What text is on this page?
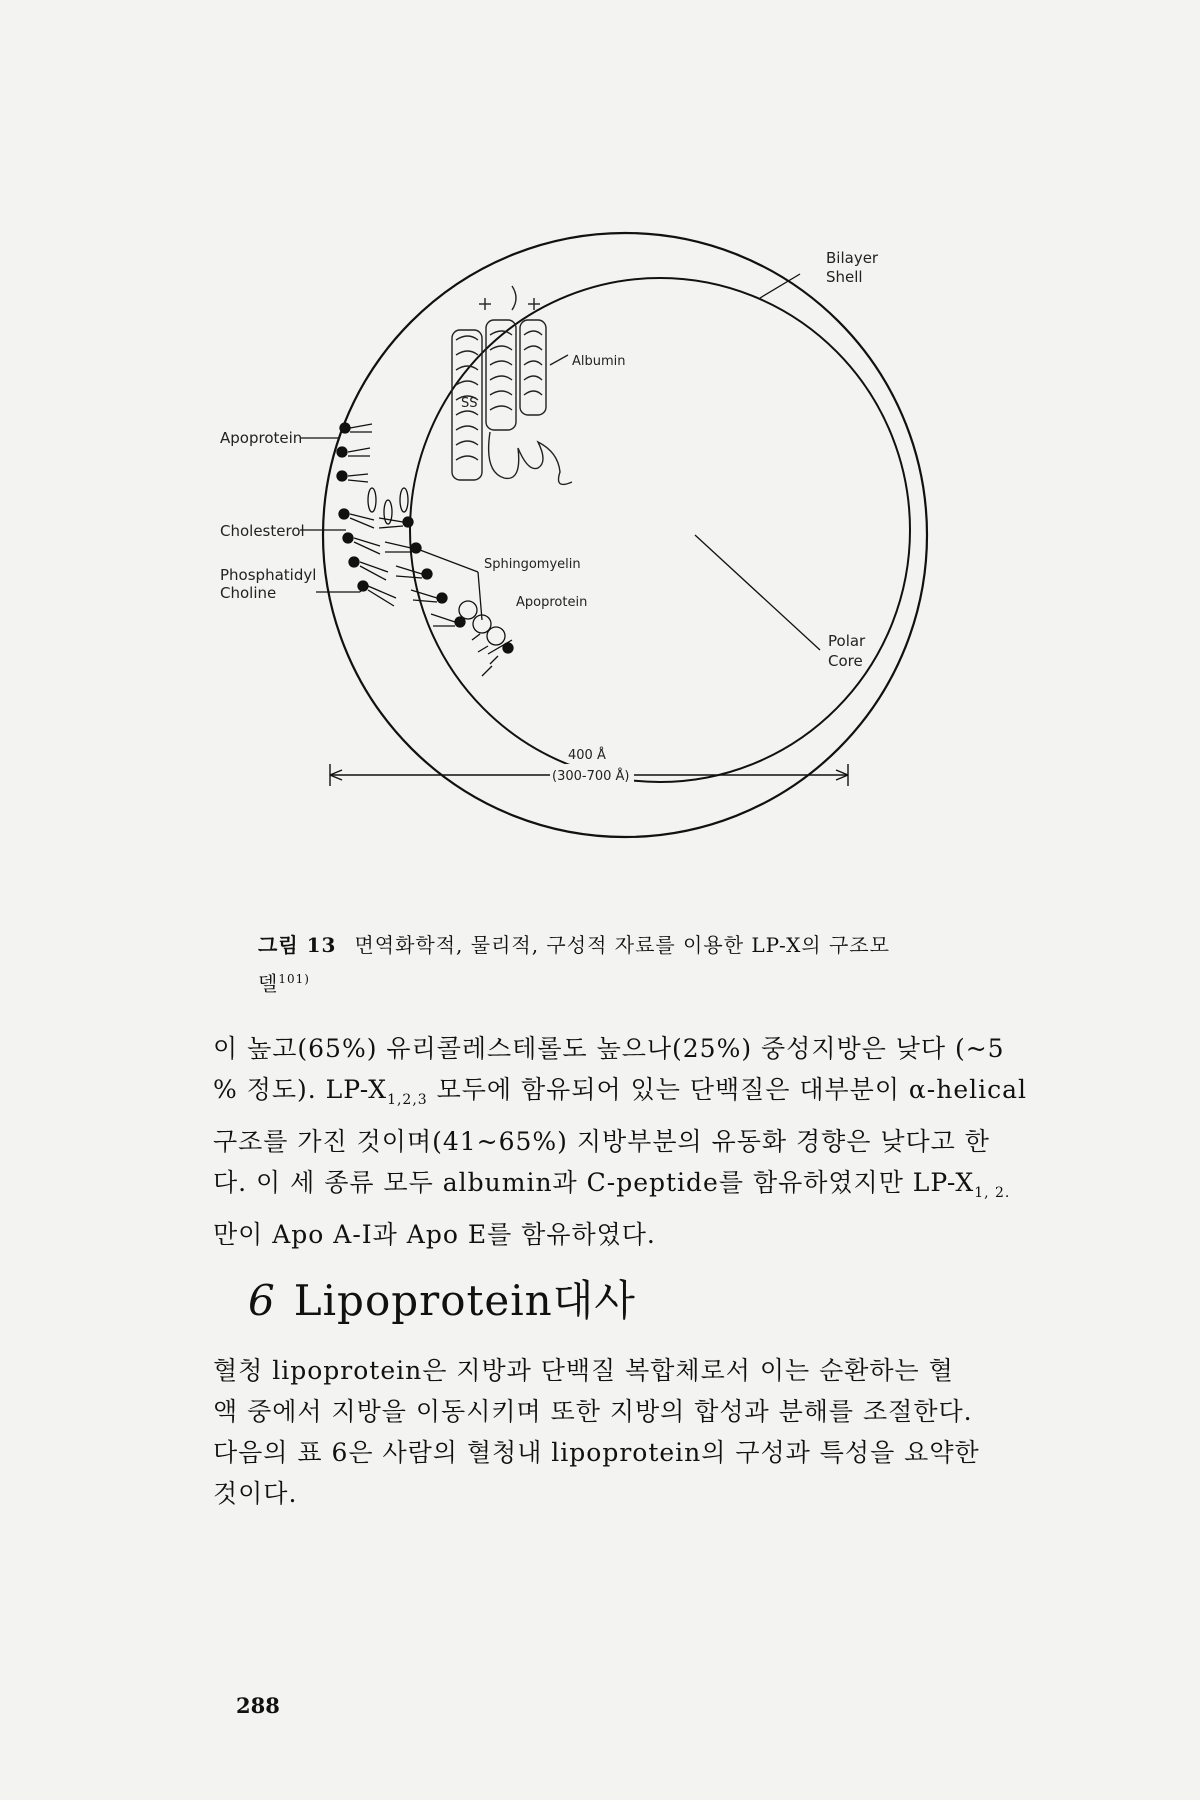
Albumin
SS
Bilayer
Shell
Apoprotein
Cholesterol
Phosphatidyl
Choline
Sphingomyelin
Apoprotein
Polar
Core
400 Å
(300-700 Å)
그림 13 면역화학적, 물리적, 구성적 자료를 이용한 LP-X의 구조모
델$^{101)}$
이 높고(65%) 유리콜레스테롤도 높으나(25%) 중성지방은 낮다 (~5
% 정도). $LP-X_{1,2,3}$ 모두에 함유되어 있는 단백질은 대부분이 α-helical
구조를 가진 것이며(41~65%) 지방부분의 유동화 경향은 낮다고 한
다. 이 세 종류 모두 albumin과 C-peptide를 함유하였지만 $LP-X_{1, 2.}$
만이 Apo A-Ⅰ과 Apo E를 함유하였다.
6 Lipoprotein대사
혈청 lipoprotein은 지방과 단백질 복합체로서 이는 순환하는 혈
액 중에서 지방을 이동시키며 또한 지방의 합성과 분해를 조절한다.
다음의 표 6은 사람의 혈청내 lipoprotein의 구성과 특성을 요약한
것이다.
288
